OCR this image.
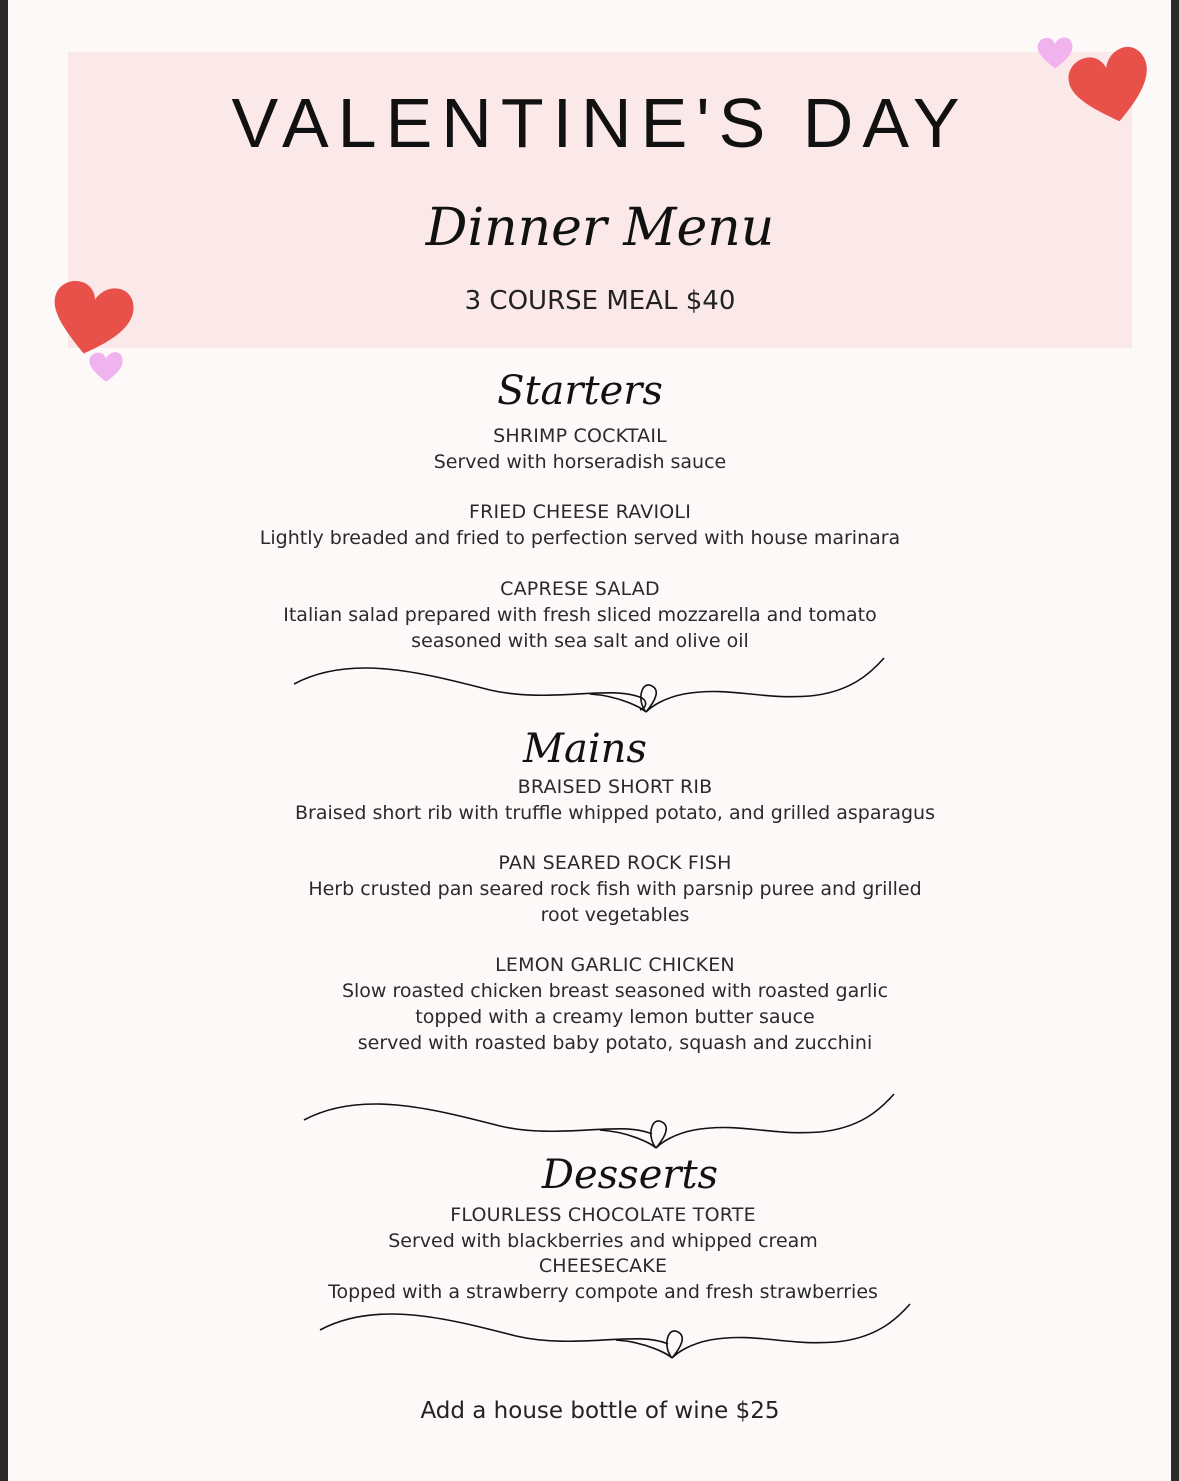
VALENTINE'S DAY
Dinner Menu
3 COURSE MEAL $40
Starters
SHRIMP COCKTAIL
Served with horseradish sauce
FRIED CHEESE RAVIOLI
Lightly breaded and fried to perfection served with house marinara
CAPRESE SALAD
Italian salad prepared with fresh sliced mozzarella and tomato
seasoned with sea salt and olive oil
Mains
BRAISED SHORT RIB
Braised short rib with truffle whipped potato, and grilled asparagus
PAN SEARED ROCK FISH
Herb crusted pan seared rock fish with parsnip puree and grilled
root vegetables
LEMON GARLIC CHICKEN
Slow roasted chicken breast seasoned with roasted garlic
topped with a creamy lemon butter sauce
served with roasted baby potato, squash and zucchini
Desserts
FLOURLESS CHOCOLATE TORTE
Served with blackberries and whipped cream
CHEESECAKE
Topped with a strawberry compote and fresh strawberries
Add a house bottle of wine $25
